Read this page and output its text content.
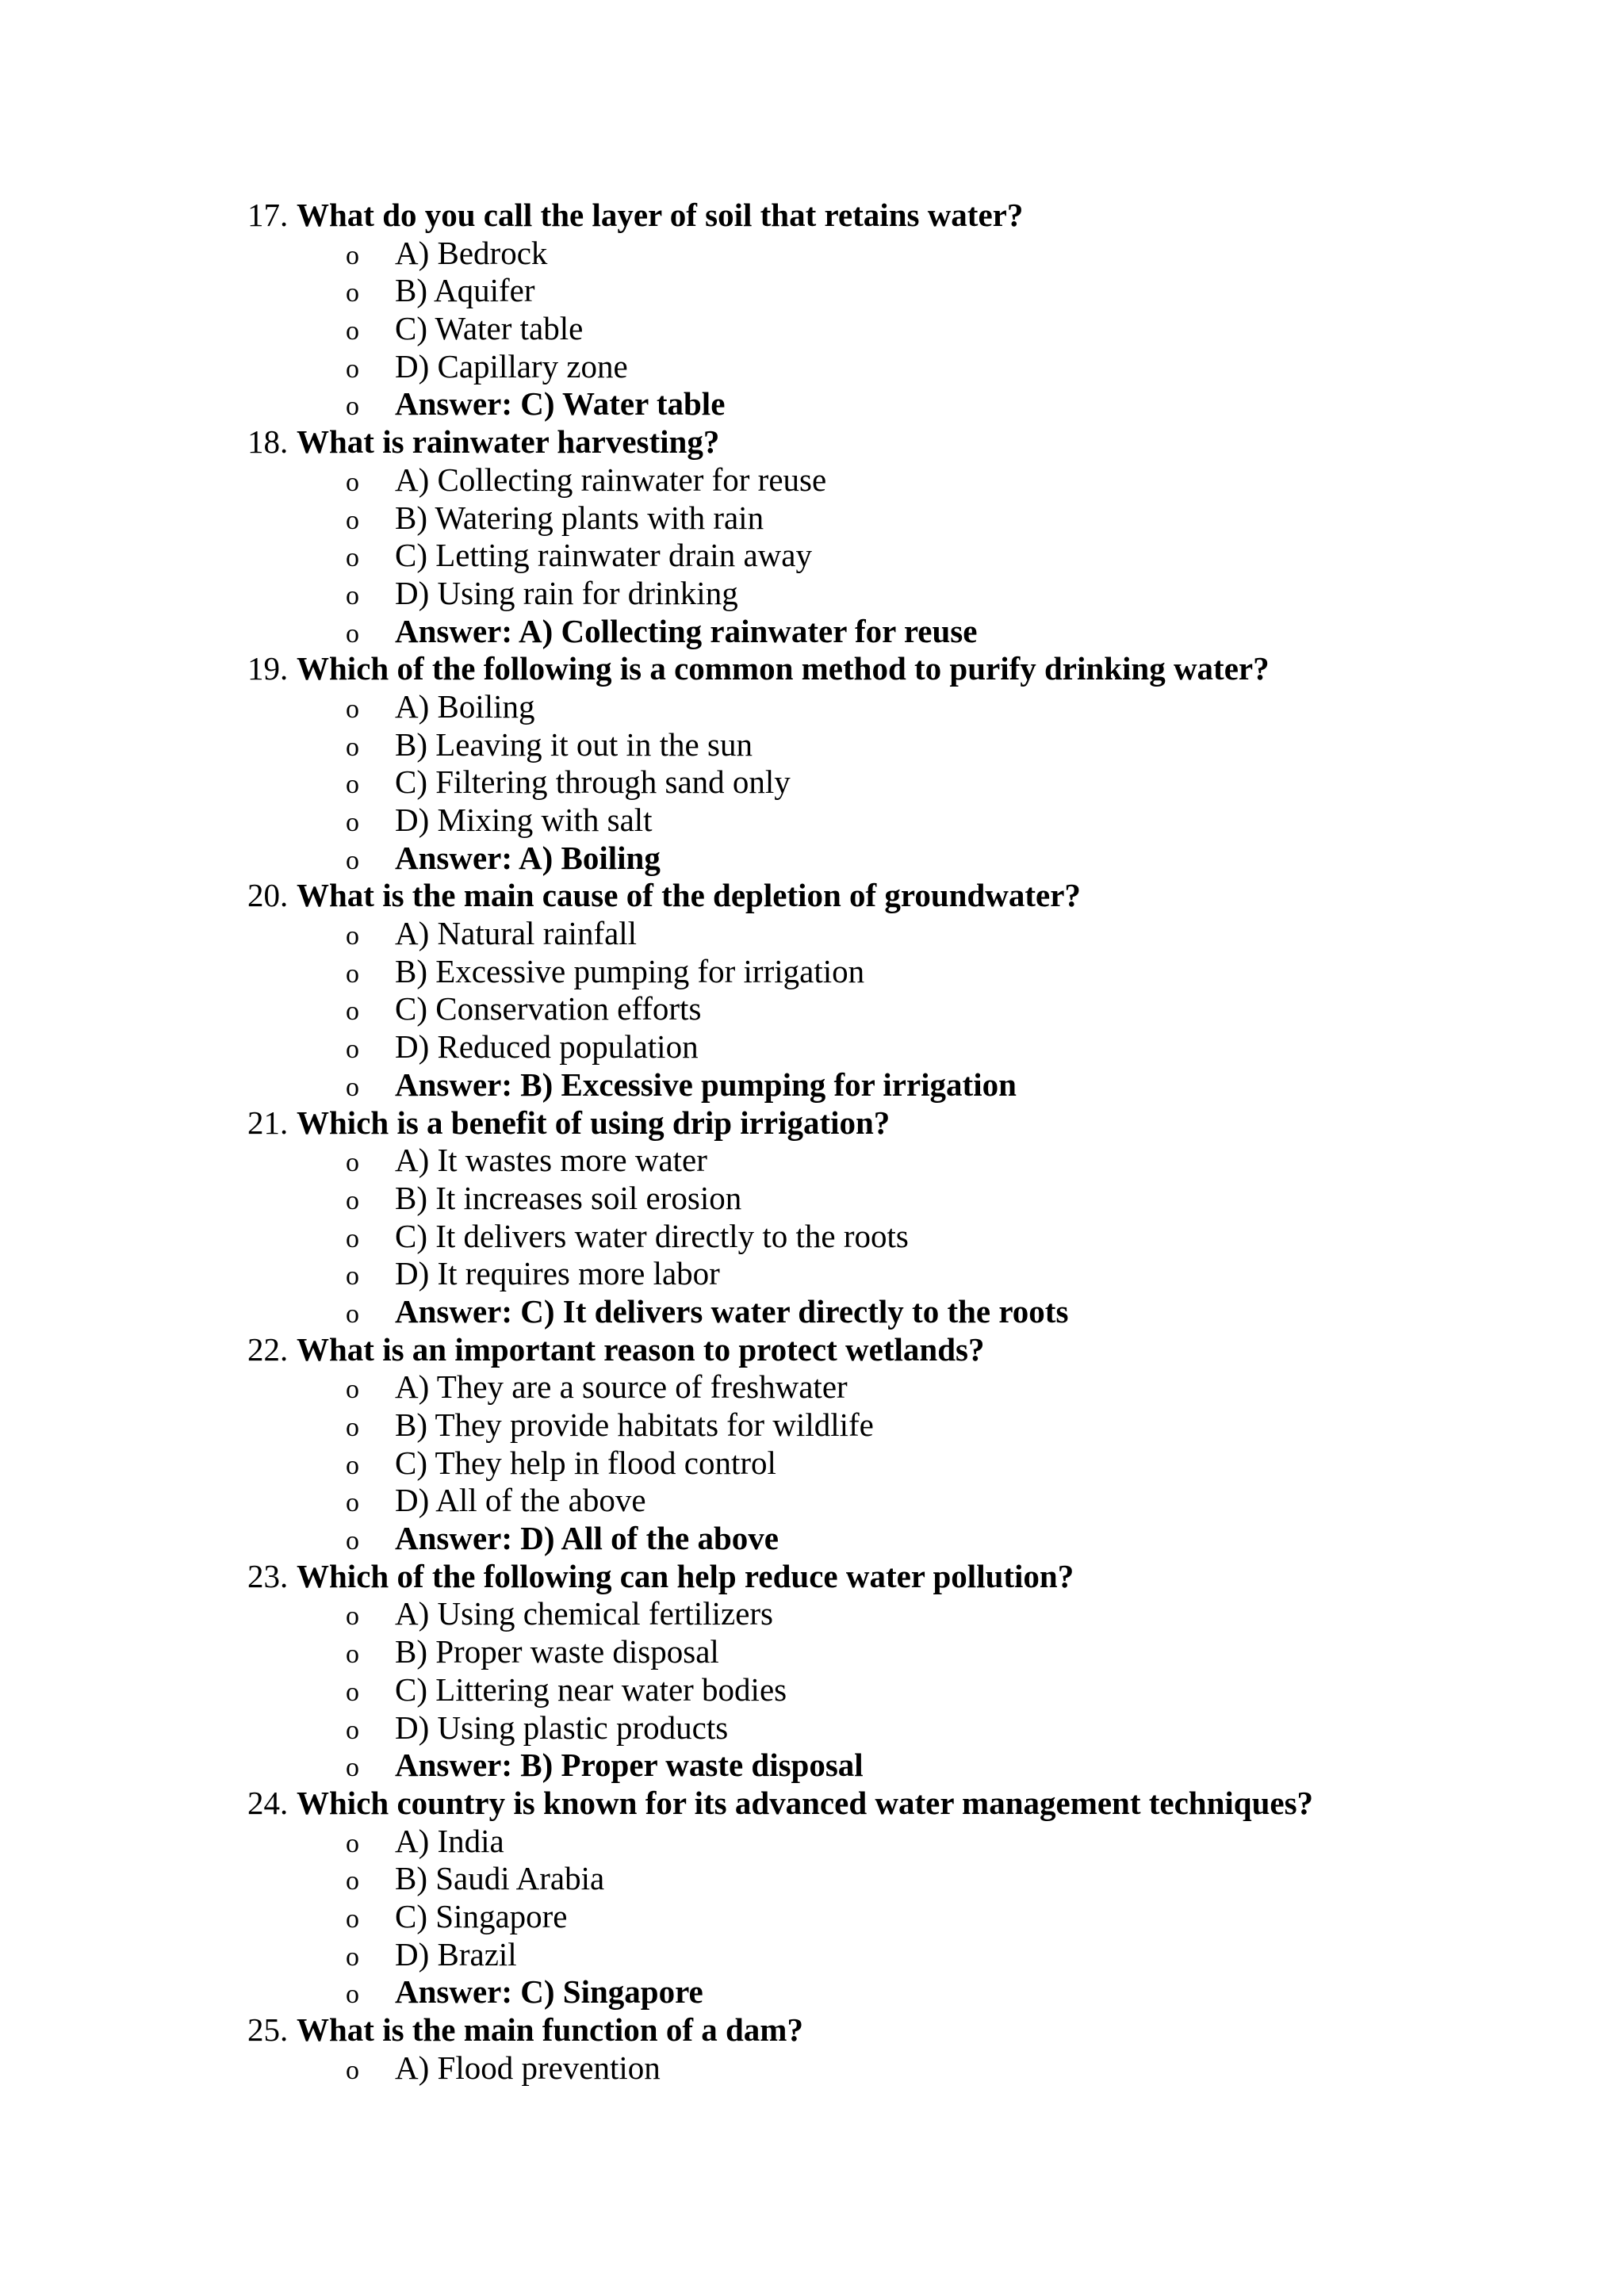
17. What do you call the layer of soil that retains water?
o	A) Bedrock
o	B) Aquifer
o	C) Water table
o	D) Capillary zone
o	Answer: C) Water table
18. What is rainwater harvesting?
o	A) Collecting rainwater for reuse
o	B) Watering plants with rain
o	C) Letting rainwater drain away
o	D) Using rain for drinking
o	Answer: A) Collecting rainwater for reuse
19. Which of the following is a common method to purify drinking water?
o	A) Boiling
o	B) Leaving it out in the sun
o	C) Filtering through sand only
o	D) Mixing with salt
o	Answer: A) Boiling
20. What is the main cause of the depletion of groundwater?
o	A) Natural rainfall
o	B) Excessive pumping for irrigation
o	C) Conservation efforts
o	D) Reduced population
o	Answer: B) Excessive pumping for irrigation
21. Which is a benefit of using drip irrigation?
o	A) It wastes more water
o	B) It increases soil erosion
o	C) It delivers water directly to the roots
o	D) It requires more labor
o	Answer: C) It delivers water directly to the roots
22. What is an important reason to protect wetlands?
o	A) They are a source of freshwater
o	B) They provide habitats for wildlife
o	C) They help in flood control
o	D) All of the above
o	Answer: D) All of the above
23. Which of the following can help reduce water pollution?
o	A) Using chemical fertilizers
o	B) Proper waste disposal
o	C) Littering near water bodies
o	D) Using plastic products
o	Answer: B) Proper waste disposal
24. Which country is known for its advanced water management techniques?
o	A) India
o	B) Saudi Arabia
o	C) Singapore
o	D) Brazil
o	Answer: C) Singapore
25. What is the main function of a dam?
o	A) Flood prevention
